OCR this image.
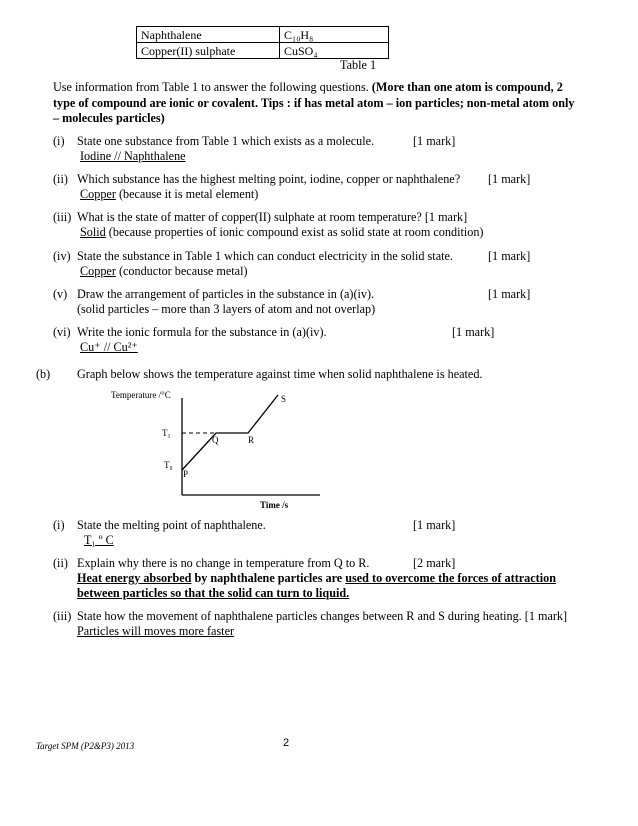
Naphthalene	C₁₀H₈
Copper(II) sulphate	CuSO₄
Table 1
Use information from Table 1 to answer the following questions. (More than one atom is compound, 2
type of compound are ionic or covalent. Tips : if has metal atom – ion particles; non-metal atom only
– molecules particles)
(i) State one substance from Table 1 which exists as a molecule.	[1 mark]
Iodine // Naphthalene
(ii) Which substance has the highest melting point, iodine, copper or naphthalene? [1 mark]
Copper (because it is metal element)
(iii) What is the state of matter of copper(II) sulphate at room temperature? [1 mark]
Solid (because properties of ionic compound exist as solid state at room condition)
(iv) State the substance in Table 1 which can conduct electricity in the solid state.	[1 mark]
Copper (conductor because metal)
(v) Draw the arrangement of particles in the substance in (a)(iv).	[1 mark]
(solid particles – more than 3 layers of atom and not overlap)
(vi) Write the ionic formula for the substance in (a)(iv).	[1 mark]
Cu⁺ // Cu²⁺
(b) Graph below shows the temperature against time when solid naphthalene is heated.
Temperature /°C
T₁
T₀
P
Q	R
S
Time /s
(i) State the melting point of naphthalene.	[1 mark]
T₁ º C
(ii) Explain why there is no change in temperature from Q to R.	[2 mark]
Heat energy absorbed by naphthalene particles are used to overcome the forces of attraction
between particles so that the solid can turn to liquid.
(iii) State how the movement of naphthalene particles changes between R and S during heating. [1 mark]
Particles will moves more faster
Target SPM (P2&P3) 2013	2
